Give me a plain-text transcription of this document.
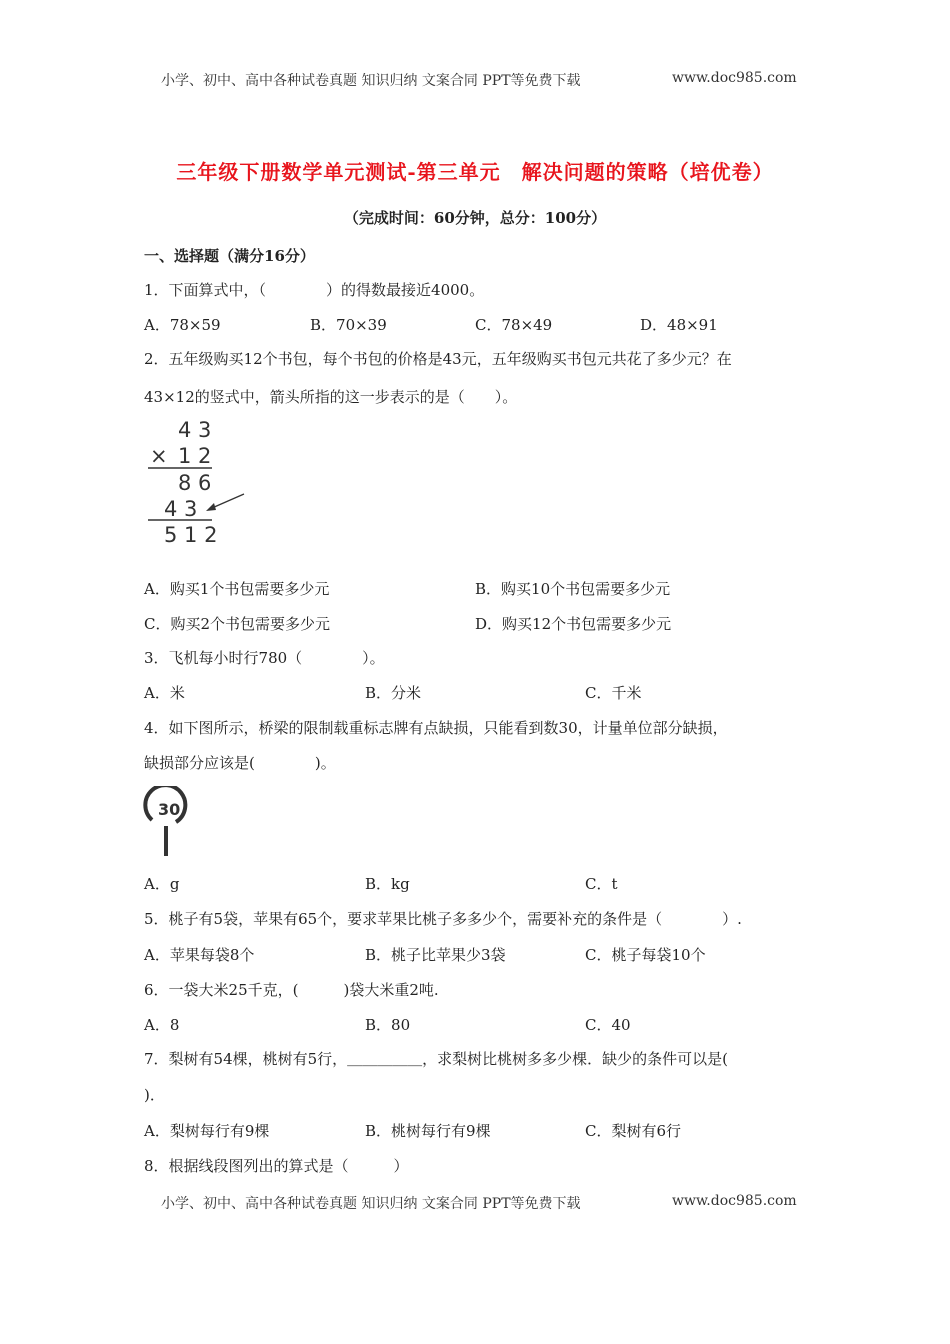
小学、初中、高中各种试卷真题 知识归纳 文案合同 PPT等免费下载	www.doc985.com
三年级下册数学单元测试-第三单元　解决问题的策略（培优卷）
（完成时间：60分钟，总分：100分）
一、选择题（满分16分）
1．下面算式中，（　　　　）的得数最接近4000。
A．78×59	B．70×39	C．78×49	D．48×91
2．五年级购买12个书包，每个书包的价格是43元，五年级购买书包元共花了多少元？在
43×12的竖式中，箭头所指的这一步表示的是（　　）。
4 3
× 1 2
8 6
4 3
5 1 2
A．购买1个书包需要多少元	B．购买10个书包需要多少元
C．购买2个书包需要多少元	D．购买12个书包需要多少元
3．飞机每小时行780（　　　　）。
A．米	B．分米	C．千米
4．如下图所示，桥梁的限制载重标志牌有点缺损，只能看到数30，计量单位部分缺损，
缺损部分应该是(　　　　)。
30
A．g	B．kg	C．t
5．桃子有5袋，苹果有65个，要求苹果比桃子多多少个，需要补充的条件是（　　　　）.
A．苹果每袋8个	B．桃子比苹果少3袋	C．桃子每袋10个
6．一袋大米25千克，(　　　)袋大米重2吨.
A．8	B．80	C．40
7．梨树有54棵，桃树有5行，＿＿＿＿＿，求梨树比桃树多多少棵．缺少的条件可以是(
)．
A．梨树每行有9棵	B．桃树每行有9棵	C．梨树有6行
8．根据线段图列出的算式是（　　　）
小学、初中、高中各种试卷真题 知识归纳 文案合同 PPT等免费下载	www.doc985.com
